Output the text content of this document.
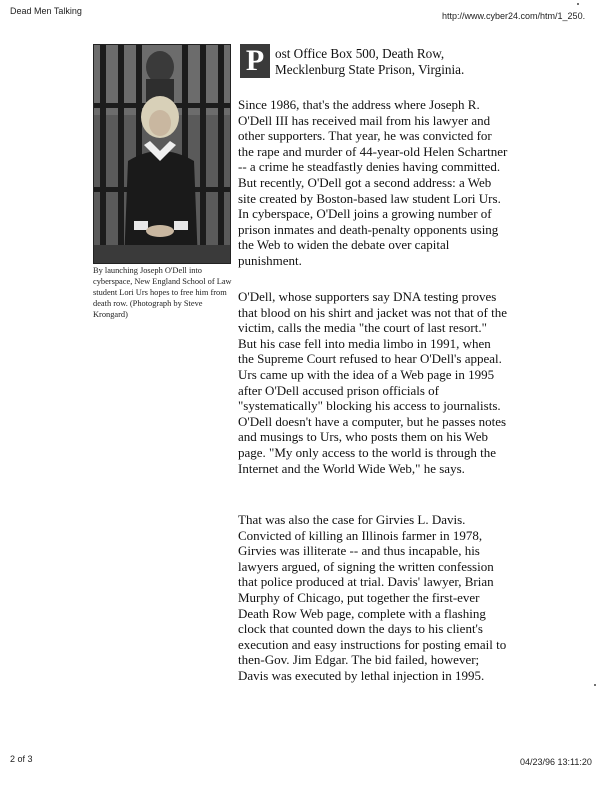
Dead Men Talking	http://www.cyber24.com/htm/1_250.
By launching Joseph O'Dell into cyberspace, New England School of Law student Lori Urs hopes to free him from death row. (Photograph by Steve Krongard)
P ost Office Box 500, Death Row, Mecklenburg State Prison, Virginia.
Since 1986, that's the address where Joseph R. O'Dell III has received mail from his lawyer and other supporters. That year, he was convicted for the rape and murder of 44-year-old Helen Schartner -- a crime he steadfastly denies having committed. But recently, O'Dell got a second address: a Web site created by Boston-based law student Lori Urs. In cyberspace, O'Dell joins a growing number of prison inmates and death-penalty opponents using the Web to widen the debate over capital punishment.
O'Dell, whose supporters say DNA testing proves that blood on his shirt and jacket was not that of the victim, calls the media "the court of last resort." But his case fell into media limbo in 1991, when the Supreme Court refused to hear O'Dell's appeal. Urs came up with the idea of a Web page in 1995 after O'Dell accused prison officials of "systematically" blocking his access to journalists. O'Dell doesn't have a computer, but he passes notes and musings to Urs, who posts them on his Web page. "My only access to the world is through the Internet and the World Wide Web," he says.
That was also the case for Girvies L. Davis. Convicted of killing an Illinois farmer in 1978, Girvies was illiterate -- and thus incapable, his lawyers argued, of signing the written confession that police produced at trial. Davis' lawyer, Brian Murphy of Chicago, put together the first-ever Death Row Web page, complete with a flashing clock that counted down the days to his client's execution and easy instructions for posting email to then-Gov. Jim Edgar. The bid failed, however; Davis was executed by lethal injection in 1995.
2 of 3	04/23/96 13:11:20
